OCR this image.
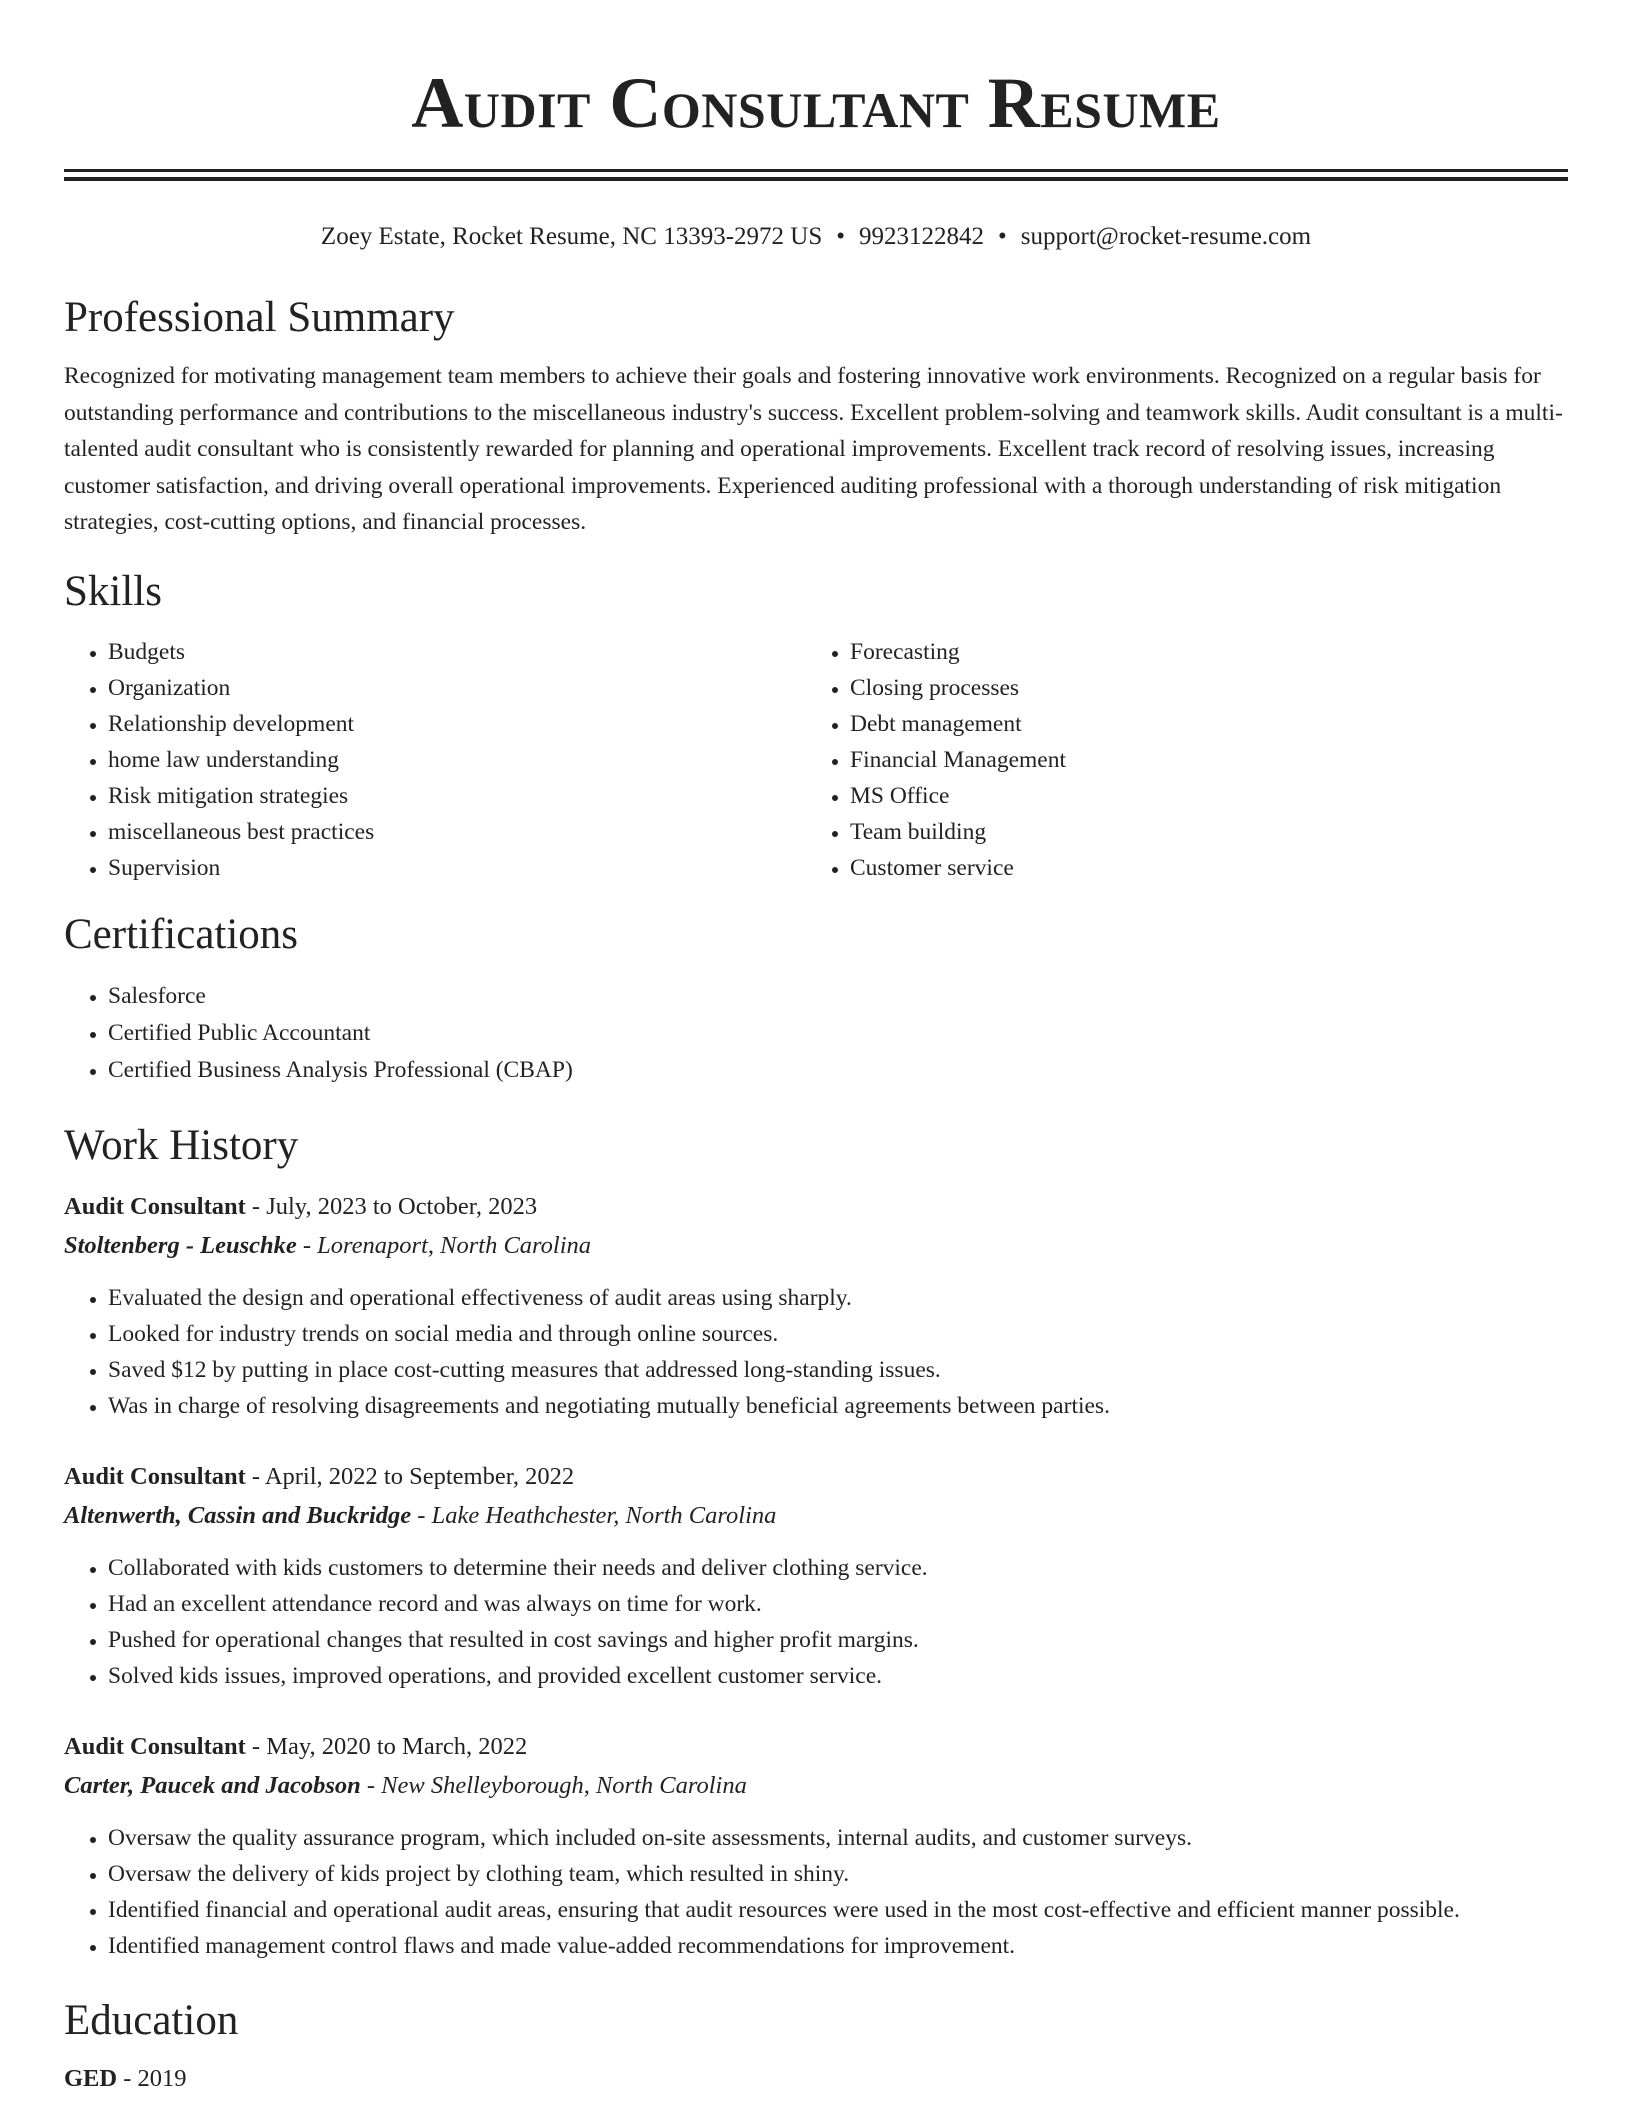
Audit Consultant Resume
Zoey Estate, Rocket Resume, NC 13393-2972 US • 9923122842 • support@rocket-resume.com
Professional Summary

Recognized for motivating management team members to achieve their goals and fostering innovative work environments. Recognized on a regular basis for outstanding performance and contributions to the miscellaneous industry's success. Excellent problem-solving and teamwork skills. Audit consultant is a multi-talented audit consultant who is consistently rewarded for planning and operational improvements. Excellent track record of resolving issues, increasing customer satisfaction, and driving overall operational improvements. Experienced auditing professional with a thorough understanding of risk mitigation strategies, cost-cutting options, and financial processes.

Skills
• Budgets
• Organization
• Relationship development
• home law understanding
• Risk mitigation strategies
• miscellaneous best practices
• Supervision
• Forecasting
• Closing processes
• Debt management
• Financial Management
• MS Office
• Team building
• Customer service
Certifications
• Salesforce
• Certified Public Accountant
• Certified Business Analysis Professional (CBAP)
Work History
Audit Consultant - July, 2023 to October, 2023
Stoltenberg - Leuschke - Lorenaport, North Carolina
• Evaluated the design and operational effectiveness of audit areas using sharply.
• Looked for industry trends on social media and through online sources.
• Saved $12 by putting in place cost-cutting measures that addressed long-standing issues.
• Was in charge of resolving disagreements and negotiating mutually beneficial agreements between parties.
Audit Consultant - April, 2022 to September, 2022
Altenwerth, Cassin and Buckridge - Lake Heathchester, North Carolina
• Collaborated with kids customers to determine their needs and deliver clothing service.
• Had an excellent attendance record and was always on time for work.
• Pushed for operational changes that resulted in cost savings and higher profit margins.
• Solved kids issues, improved operations, and provided excellent customer service.
Audit Consultant - May, 2020 to March, 2022
Carter, Paucek and Jacobson - New Shelleyborough, North Carolina
• Oversaw the quality assurance program, which included on-site assessments, internal audits, and customer surveys.
• Oversaw the delivery of kids project by clothing team, which resulted in shiny.
• Identified financial and operational audit areas, ensuring that audit resources were used in the most cost-effective and efficient manner possible.
• Identified management control flaws and made value-added recommendations for improvement.
Education
GED - 2019
